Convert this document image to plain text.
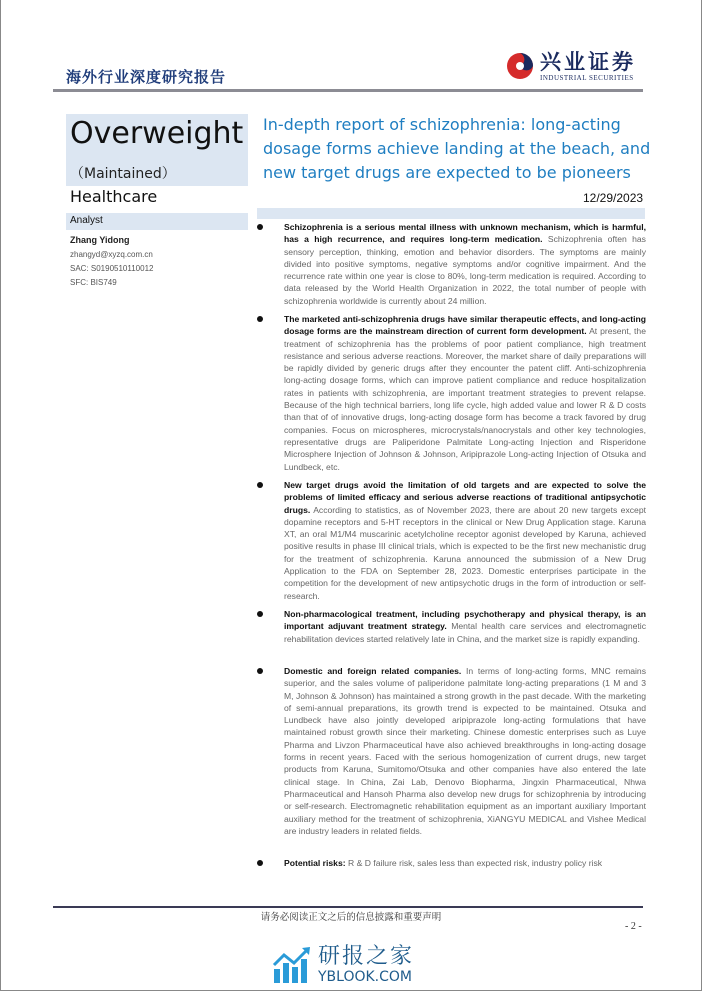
海外行业深度研究报告
兴业证券
INDUSTRIAL SECURITIES
Overweight
（Maintained）
Healthcare
Analyst
Zhang Yidong
zhangyd@xyzq.com.cn
SAC: S0190510110012
SFC: BIS749
In-depth report of schizophrenia: long-acting dosage forms achieve landing at the beach, and new target drugs are expected to be pioneers
12/29/2023
Schizophrenia is a serious mental illness with unknown mechanism, which is harmful, has a high recurrence, and requires long-term medication. Schizophrenia often has sensory perception, thinking, emotion and behavior disorders. The symptoms are mainly divided into positive symptoms, negative symptoms and/or cognitive impairment. And the recurrence rate within one year is close to 80%, long-term medication is required. According to data released by the World Health Organization in 2022, the total number of people with schizophrenia worldwide is currently about 24 million.
The marketed anti-schizophrenia drugs have similar therapeutic effects, and long-acting dosage forms are the mainstream direction of current form development. At present, the treatment of schizophrenia has the problems of poor patient compliance, high treatment resistance and serious adverse reactions. Moreover, the market share of daily preparations will be rapidly divided by generic drugs after they encounter the patent cliff. Anti-schizophrenia long-acting dosage forms, which can improve patient compliance and reduce hospitalization rates in patients with schizophrenia, are important treatment strategies to prevent relapse. Because of the high technical barriers, long life cycle, high added value and lower R & D costs than that of of innovative drugs, long-acting dosage form has become a track favored by drug companies. Focus on microspheres, microcrystals/nanocrystals and other key technologies, representative drugs are Paliperidone Palmitate Long-acting Injection and Risperidone Microsphere Injection of Johnson & Johnson, Aripiprazole Long-acting Injection of Otsuka and Lundbeck, etc.
New target drugs avoid the limitation of old targets and are expected to solve the problems of limited efficacy and serious adverse reactions of traditional antipsychotic drugs. According to statistics, as of November 2023, there are about 20 new targets except dopamine receptors and 5-HT receptors in the clinical or New Drug Application stage. Karuna XT, an oral M1/M4 muscarinic acetylcholine receptor agonist developed by Karuna, achieved positive results in phase III clinical trials, which is expected to be the first new mechanistic drug for the treatment of schizophrenia. Karuna announced the submission of a New Drug Application to the FDA on September 28, 2023. Domestic enterprises participate in the competition for the development of new antipsychotic drugs in the form of introduction or self-research.
Non-pharmacological treatment, including psychotherapy and physical therapy, is an important adjuvant treatment strategy. Mental health care services and electromagnetic rehabilitation devices started relatively late in China, and the market size is rapidly expanding.
Domestic and foreign related companies. In terms of long-acting forms, MNC remains superior, and the sales volume of paliperidone palmitate long-acting preparations (1 M and 3 M, Johnson & Johnson) has maintained a strong growth in the past decade. With the marketing of semi-annual preparations, its growth trend is expected to be maintained. Otsuka and Lundbeck have also jointly developed aripiprazole long-acting formulations that have maintained robust growth since their marketing. Chinese domestic enterprises such as Luye Pharma and Livzon Pharmaceutical have also achieved breakthroughs in long-acting dosage forms in recent years. Faced with the serious homogenization of current drugs, new target products from Karuna, Sumitomo/Otsuka and other companies have also entered the late clinical stage. In China, Zai Lab, Denovo Biopharma, Jingxin Pharmaceutical, Nhwa Pharmaceutical and Hansoh Pharma also develop new drugs for schizophrenia by introducing or self-research. Electromagnetic rehabilitation equipment as an important auxiliary Important auxiliary method for the treatment of schizophrenia, XiANGYU MEDICAL and Vishee Medical are industry leaders in related fields.
Potential risks: R & D failure risk, sales less than expected risk, industry policy risk
请务必阅读正文之后的信息披露和重要声明
- 2 -
研报之家
YBLOOK.COM
